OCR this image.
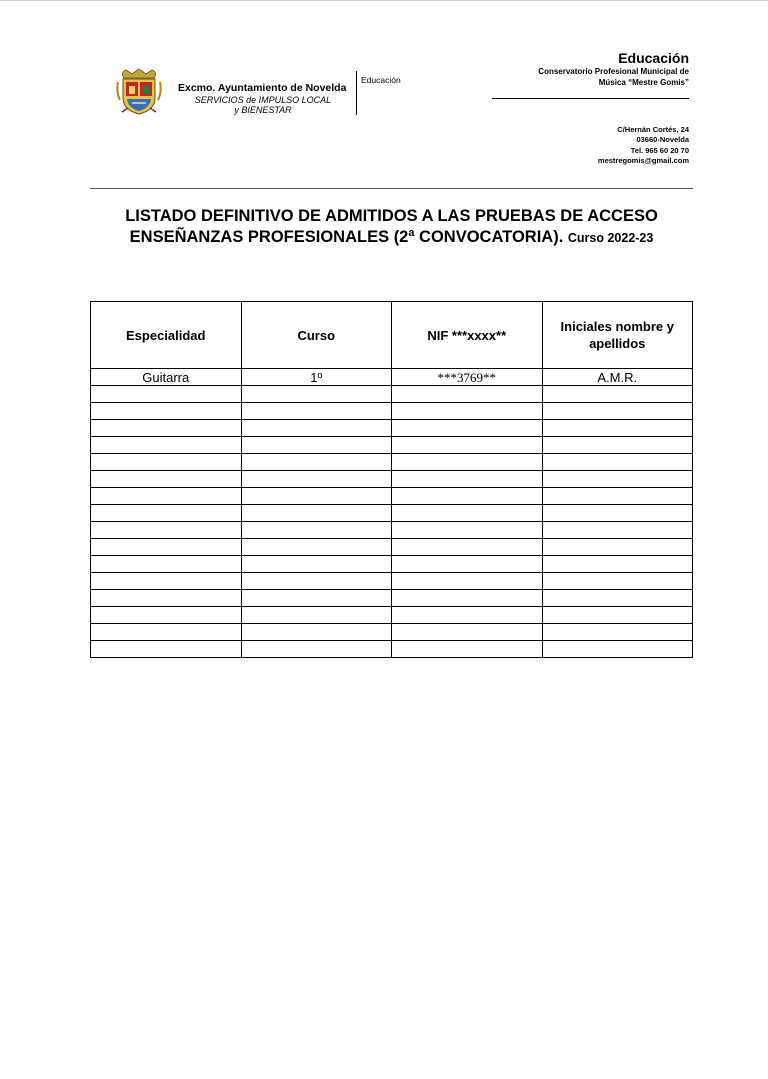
Excmo. Ayuntamiento de Novelda
SERVICIOS de IMPULSO LOCAL
y BIENESTAR
Educación
Educación
Conservatorio Profesional Municipal de
Música “Mestre Gomis”
C/Hernán Cortés, 24
03660-Novelda
Tel. 965 60 20 70
mestregomis@gmail.com
LISTADO DEFINITIVO DE ADMITIDOS A LAS PRUEBAS DE ACCESO
ENSEÑANZAS PROFESIONALES (2ª CONVOCATORIA). Curso 2022-23
Especialidad	Curso	NIF ***xxxx**	Iniciales nombre y apellidos
Guitarra	1º	***3769**	A.M.R.
